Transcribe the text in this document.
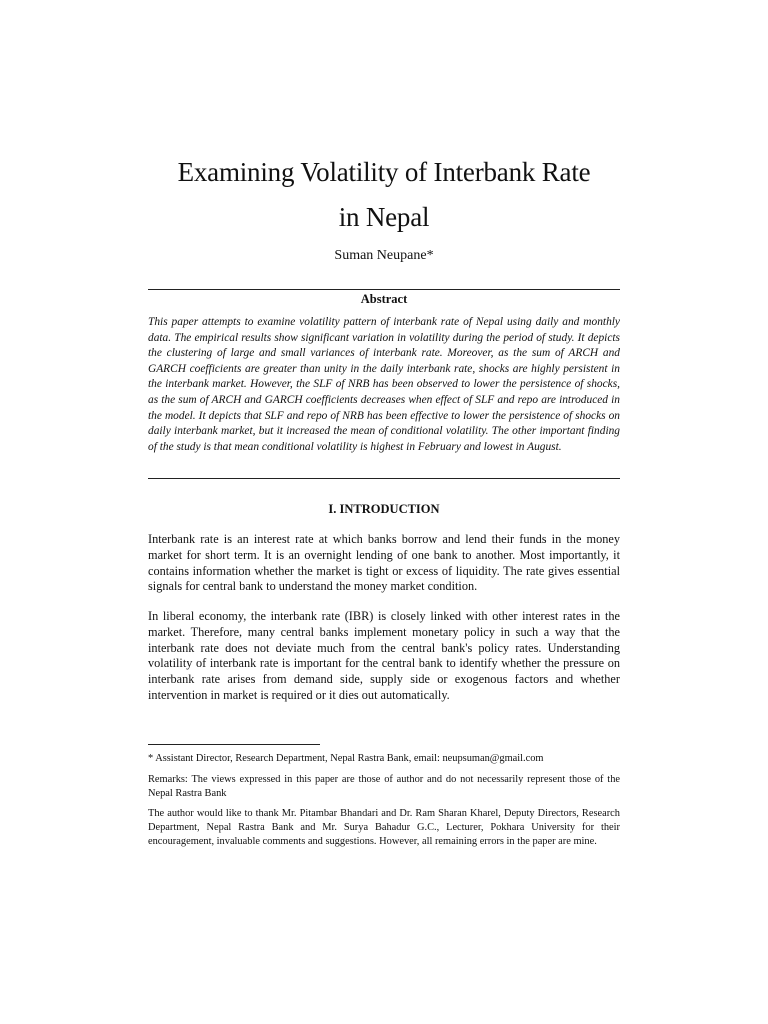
Examining Volatility of Interbank Rate
in Nepal
Suman Neupane*
Abstract

This paper attempts to examine volatility pattern of interbank rate of Nepal using daily and monthly data. The empirical results show significant variation in volatility during the period of study. It depicts the clustering of large and small variances of interbank rate. Moreover, as the sum of ARCH and GARCH coefficients are greater than unity in the daily interbank rate, shocks are highly persistent in the interbank market. However, the SLF of NRB has been observed to lower the persistence of shocks, as the sum of ARCH and GARCH coefficients decreases when effect of SLF and repo are introduced in the model. It depicts that SLF and repo of NRB has been effective to lower the persistence of shocks on daily interbank market, but it increased the mean of conditional volatility. The other important finding of the study is that mean conditional volatility is highest in February and lowest in August.

I. INTRODUCTION

Interbank rate is an interest rate at which banks borrow and lend their funds in the money market for short term. It is an overnight lending of one bank to another. Most importantly, it contains information whether the market is tight or excess of liquidity. The rate gives essential signals for central bank to understand the money market condition.

In liberal economy, the interbank rate (IBR) is closely linked with other interest rates in the market. Therefore, many central banks implement monetary policy in such a way that the interbank rate does not deviate much from the central bank's policy rates. Understanding volatility of interbank rate is important for the central bank to identify whether the pressure on interbank rate arises from demand side, supply side or exogenous factors and whether intervention in market is required or it dies out automatically.

* Assistant Director, Research Department, Nepal Rastra Bank, email: neupsuman@gmail.com

Remarks: The views expressed in this paper are those of author and do not necessarily represent those of the Nepal Rastra Bank

The author would like to thank Mr. Pitambar Bhandari and Dr. Ram Sharan Kharel, Deputy Directors, Research Department, Nepal Rastra Bank and Mr. Surya Bahadur G.C., Lecturer, Pokhara University for their encouragement, invaluable comments and suggestions. However, all remaining errors in the paper are mine.
